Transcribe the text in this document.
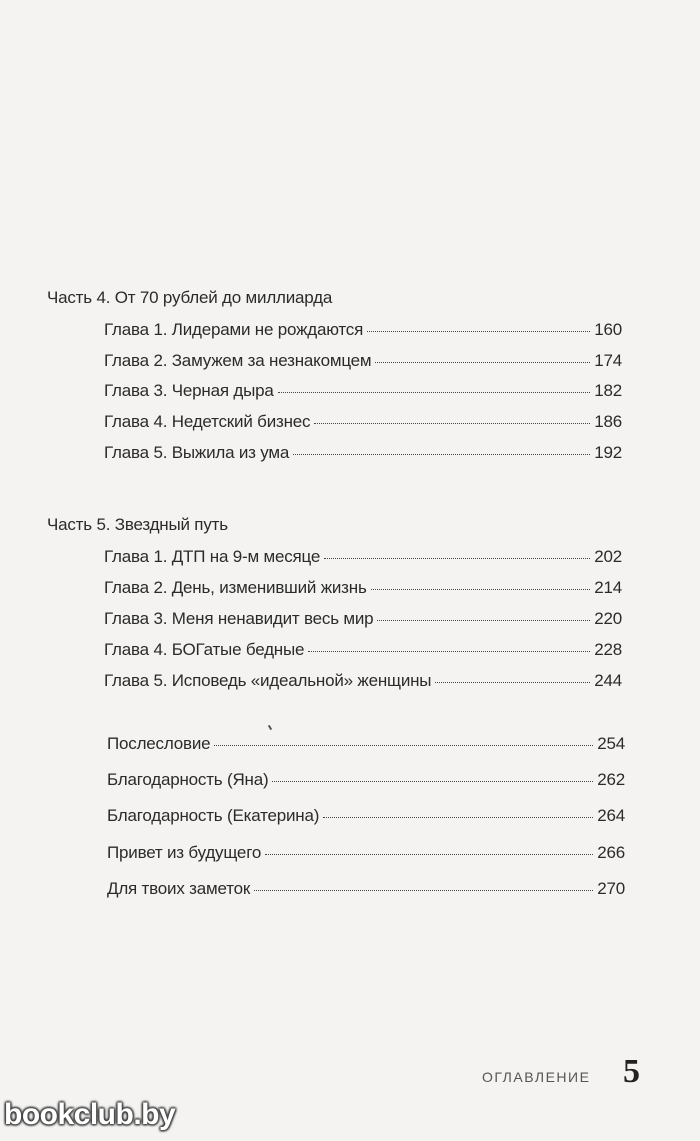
Часть 4. От 70 рублей до миллиарда
Глава 1. Лидерами не рождаются	160
Глава 2. Замужем за незнакомцем	174
Глава 3. Черная дыра	182
Глава 4. Недетский бизнес	186
Глава 5. Выжила из ума	192
Часть 5. Звездный путь
Глава 1. ДТП на 9-м месяце	202
Глава 2. День, изменивший жизнь	214
Глава 3. Меня ненавидит весь мир	220
Глава 4. БОГатые бедные	228
Глава 5. Исповедь «идеальной» женщины	244
Послесловие	254
Благодарность (Яна)	262
Благодарность (Екатерина)	264
Привет из будущего	266
Для твоих заметок	270
ОГЛАВЛЕНИЕ 5
bookclub.by
